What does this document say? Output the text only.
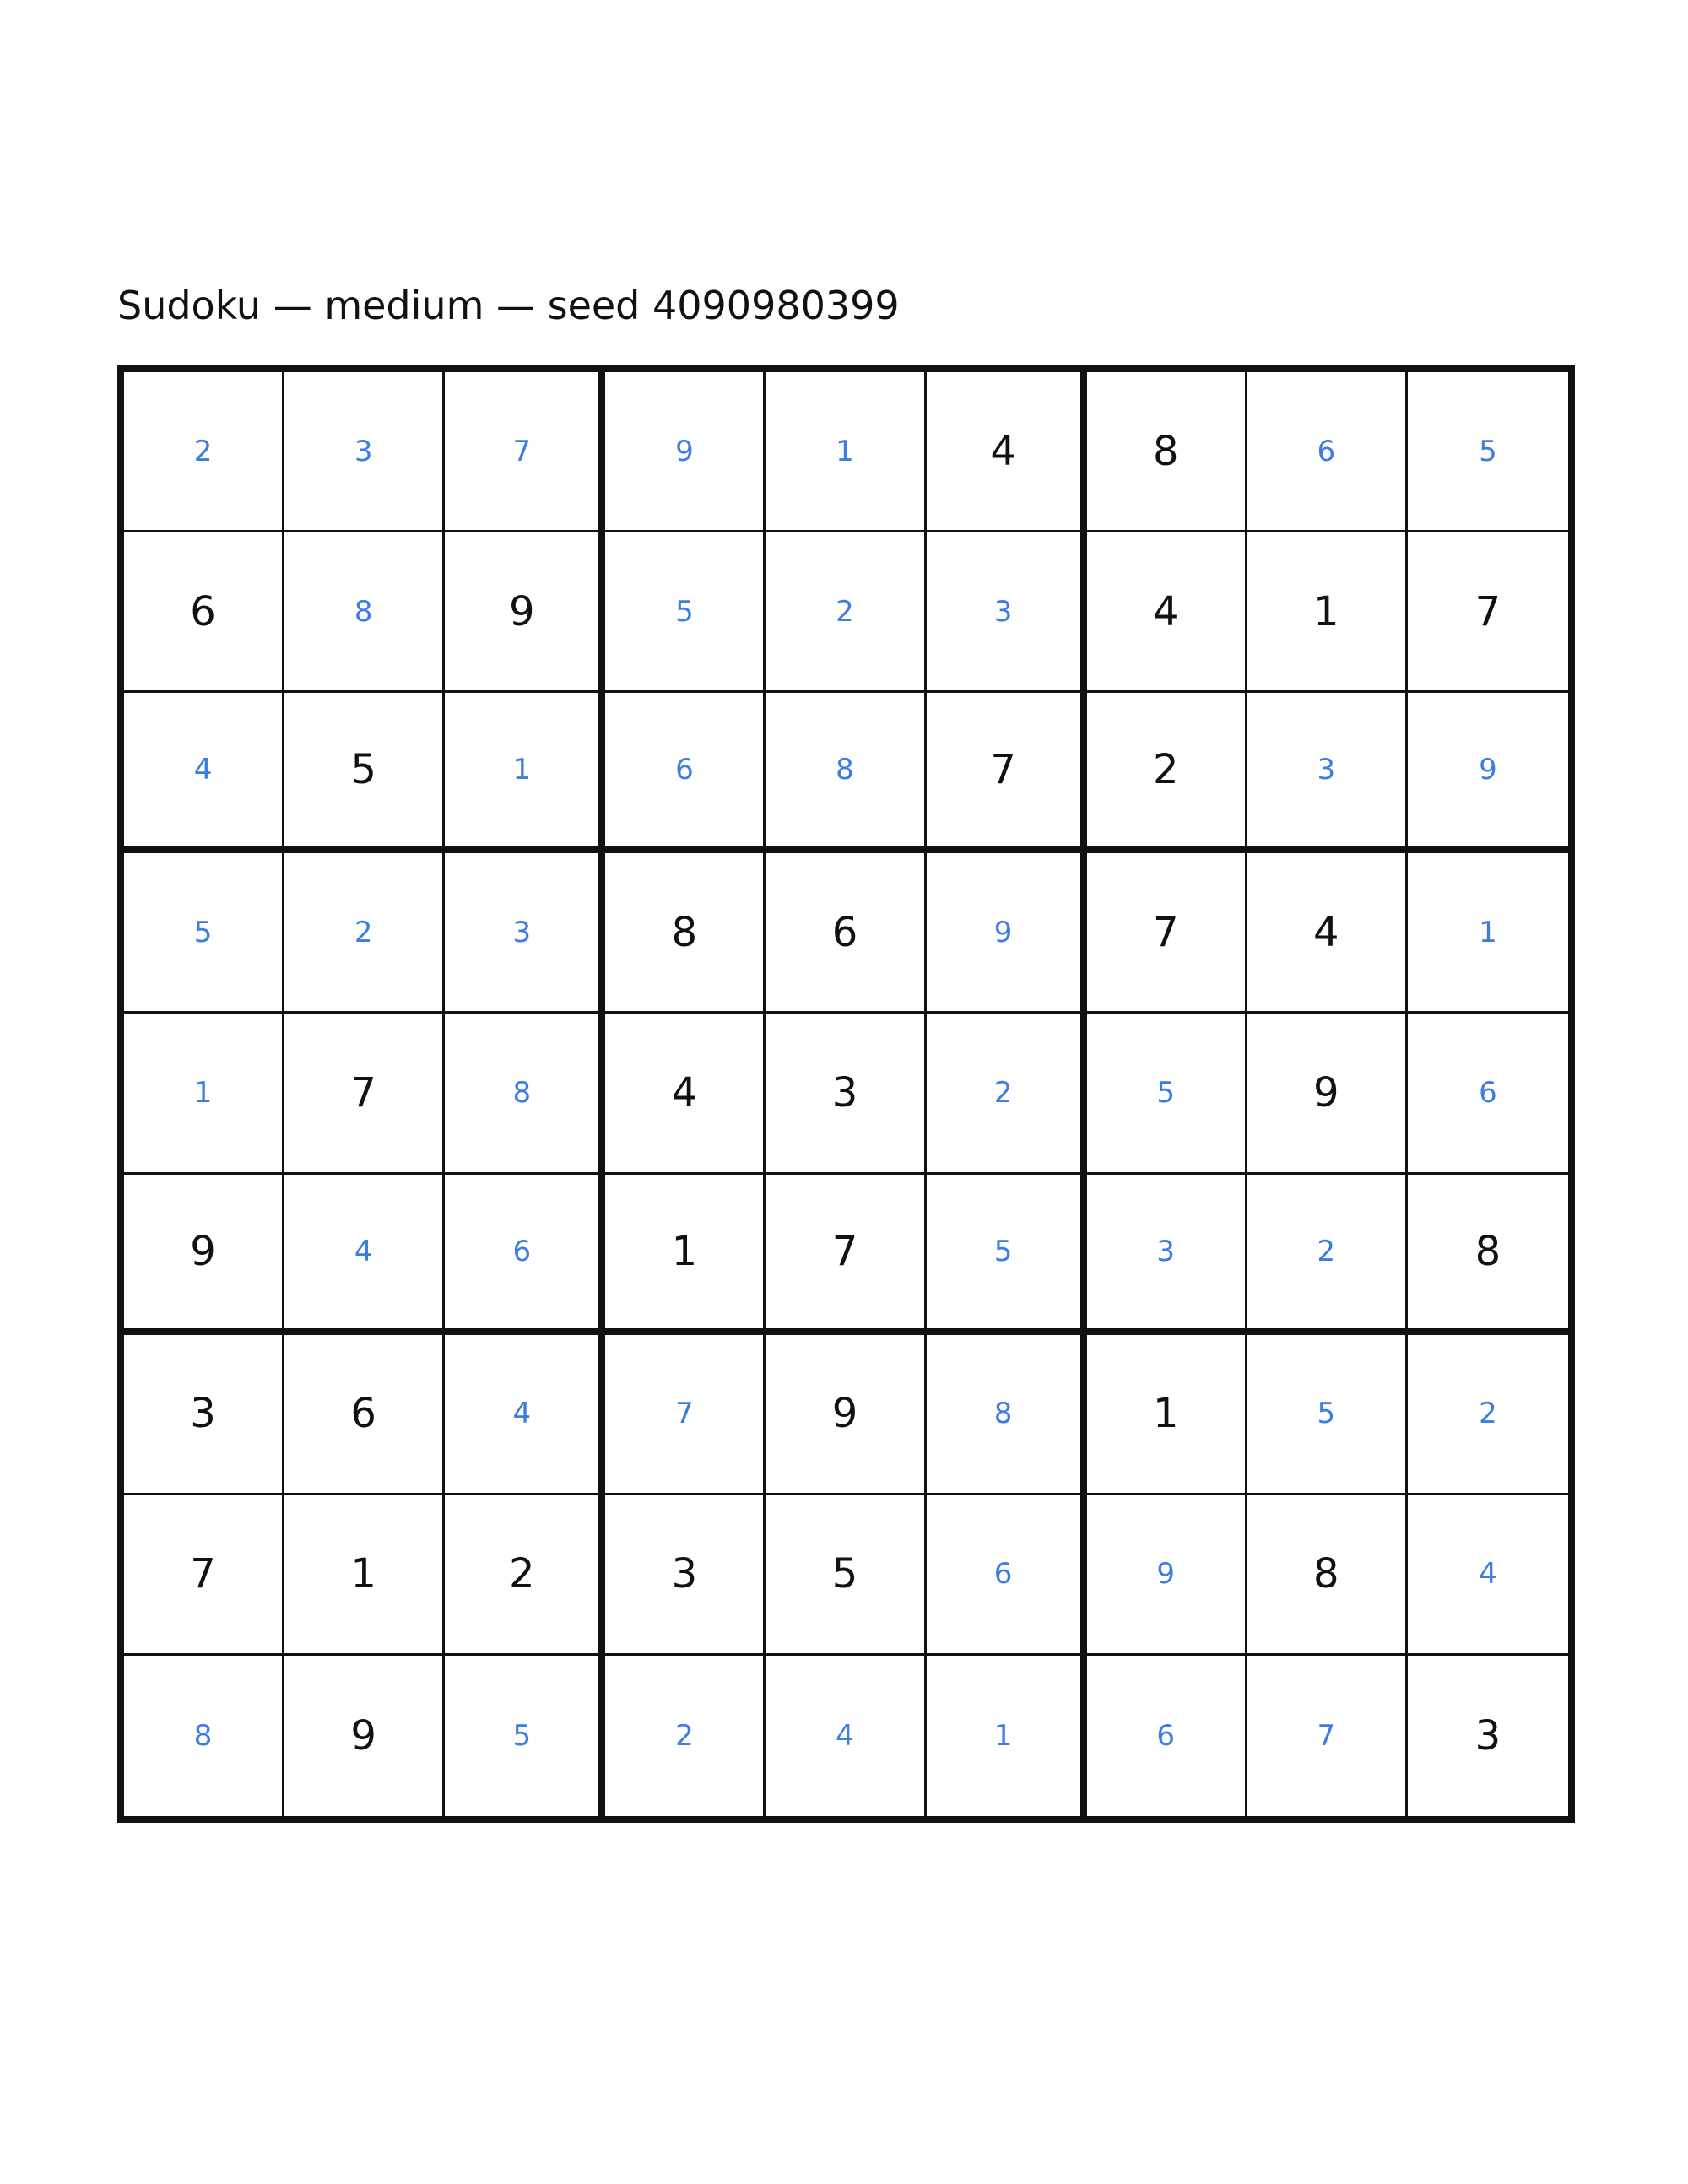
Sudoku — medium — seed 4090980399
2	3	7	9	1	4	8	6	5
6	8	9	5	2	3	4	1	7
4	5	1	6	8	7	2	3	9
5	2	3	8	6	9	7	4	1
1	7	8	4	3	2	5	9	6
9	4	6	1	7	5	3	2	8
3	6	4	7	9	8	1	5	2
7	1	2	3	5	6	9	8	4
8	9	5	2	4	1	6	7	3
